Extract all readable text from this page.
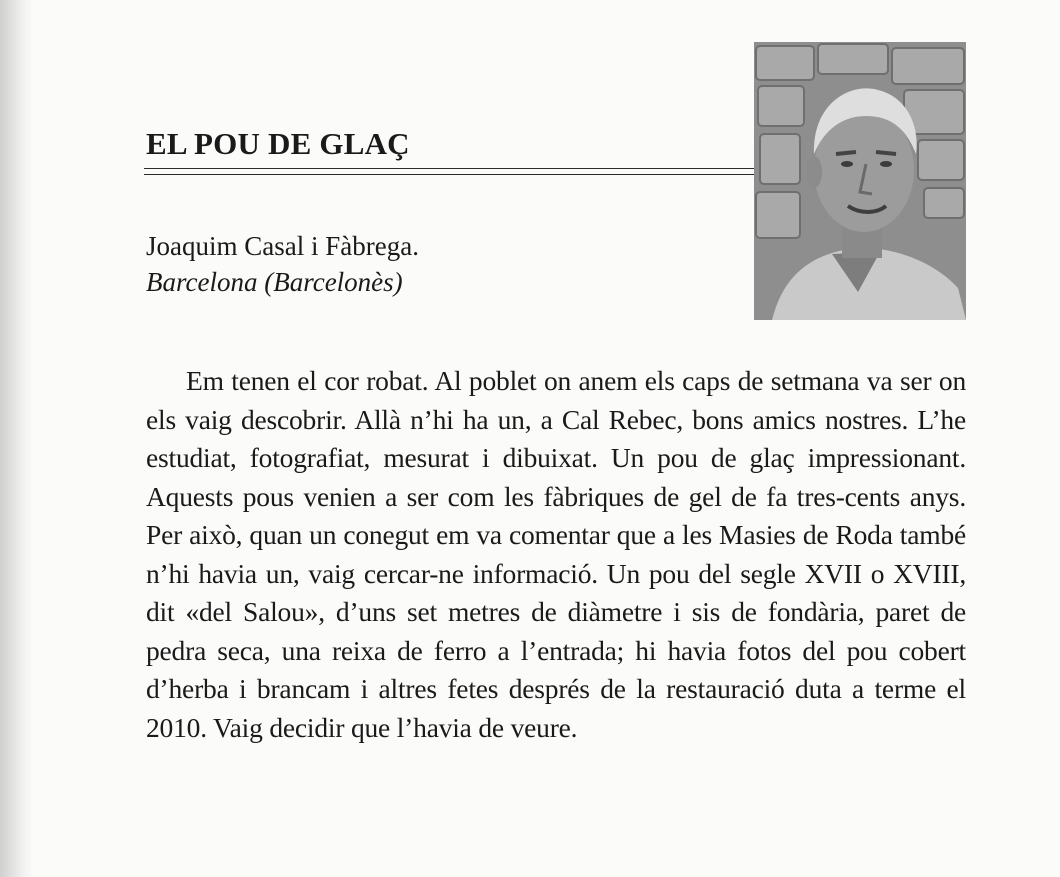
EL POU DE GLAÇ
Joaquim Casal i Fàbrega.
Barcelona (Barcelonès)

Em tenen el cor robat. Al poblet on anem els caps de setmana va ser on els vaig descobrir. Allà n’hi ha un, a Cal Rebec, bons amics nostres. L’he estudiat, fotografiat, mesurat i dibuixat. Un pou de glaç impressionant. Aquests pous venien a ser com les fàbriques de gel de fa tres-cents anys. Per això, quan un conegut em va comentar que a les Masies de Roda també n’hi havia un, vaig cercar-ne informació. Un pou del segle XVII o XVIII, dit «del Salou», d’uns set metres de diàmetre i sis de fondària, paret de pedra seca, una reixa de ferro a l’entrada; hi havia fotos del pou cobert d’herba i brancam i altres fetes després de la restauració duta a terme el 2010. Vaig decidir que l’havia de veure.
